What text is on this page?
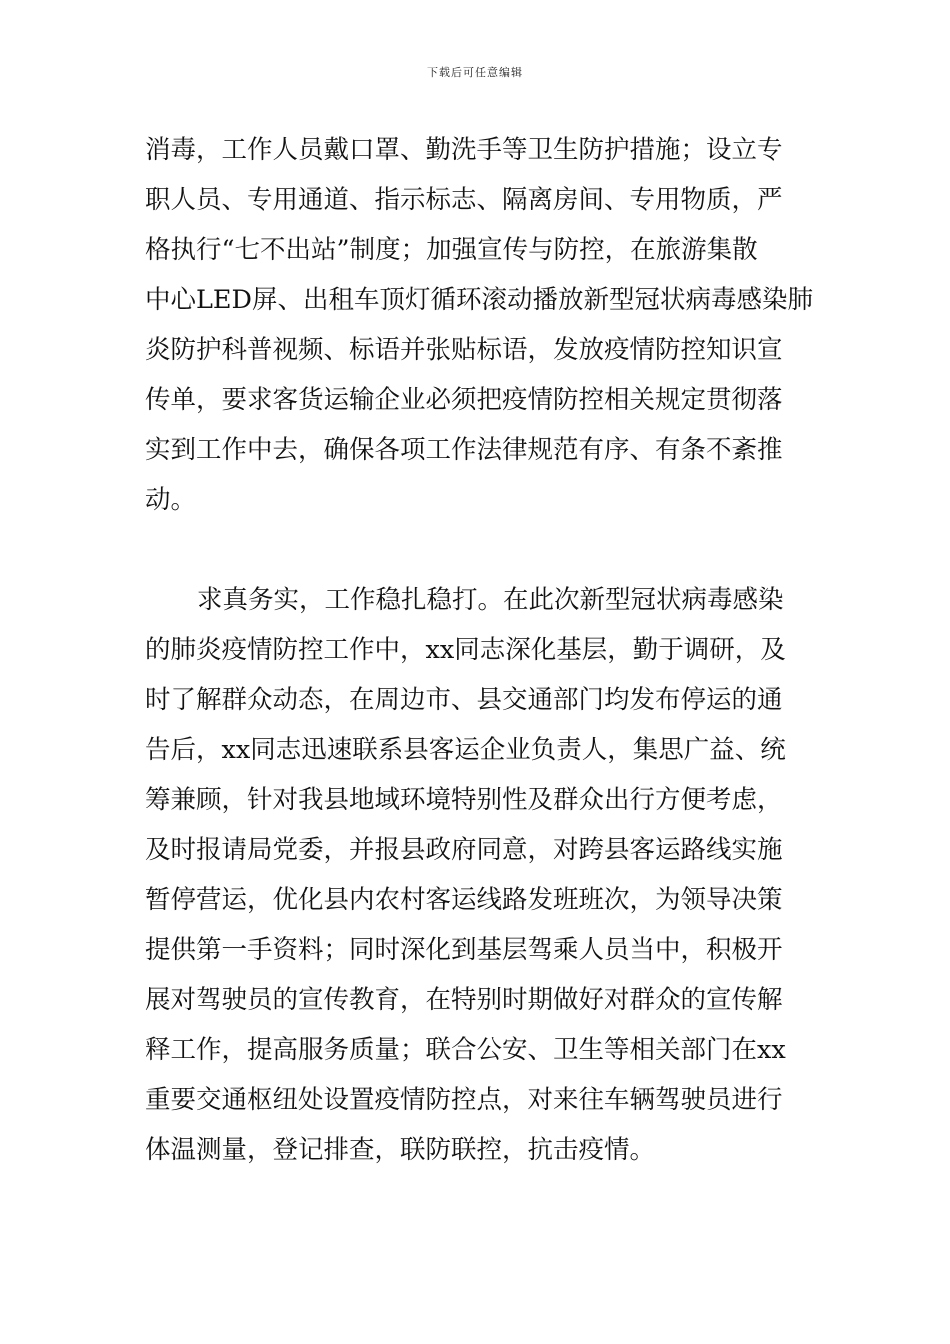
下载后可任意编辑
消毒，工作人员戴口罩、勤洗手等卫生防护措施；设立专
职人员、专用通道、指示标志、隔离房间、专用物质，严
格执行“七不出站”制度；加强宣传与防控，在旅游集散
中心LED屏、出租车顶灯循环滚动播放新型冠状病毒感染肺
炎防护科普视频、标语并张贴标语，发放疫情防控知识宣
传单，要求客货运输企业必须把疫情防控相关规定贯彻落
实到工作中去，确保各项工作法律规范有序、有条不紊推
动。
求真务实，工作稳扎稳打。在此次新型冠状病毒感染
的肺炎疫情防控工作中，xx同志深化基层，勤于调研，及
时了解群众动态，在周边市、县交通部门均发布停运的通
告后，xx同志迅速联系县客运企业负责人，集思广益、统
筹兼顾，针对我县地域环境特别性及群众出行方便考虑，
及时报请局党委，并报县政府同意，对跨县客运路线实施
暂停营运，优化县内农村客运线路发班班次，为领导决策
提供第一手资料；同时深化到基层驾乘人员当中，积极开
展对驾驶员的宣传教育，在特别时期做好对群众的宣传解
释工作，提高服务质量；联合公安、卫生等相关部门在xx
重要交通枢纽处设置疫情防控点，对来往车辆驾驶员进行
体温测量，登记排查，联防联控，抗击疫情。
